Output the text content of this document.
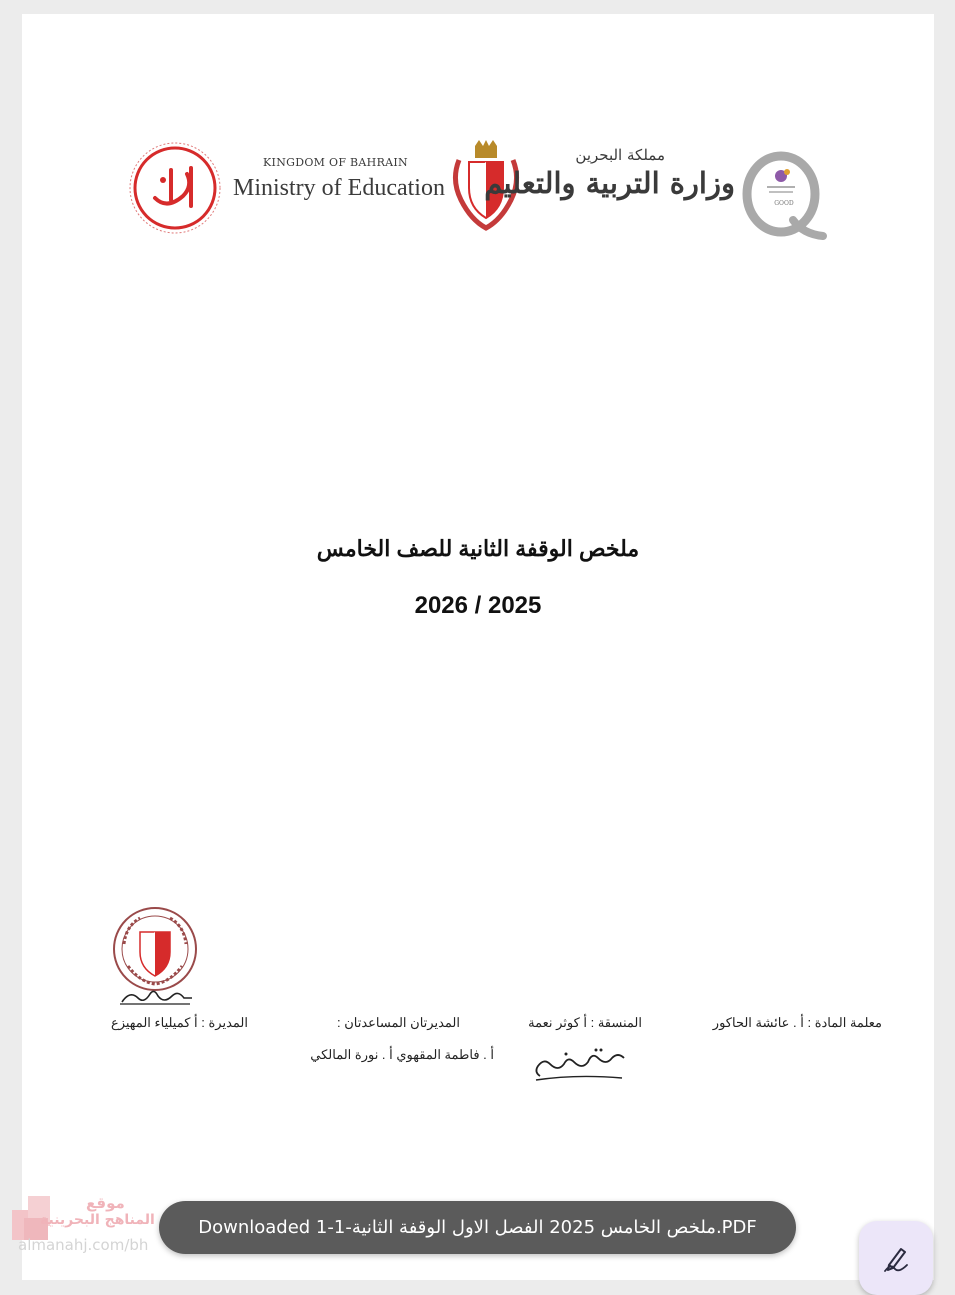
KINGDOM OF BAHRAIN
Ministry of Education
مملكة البحرين
وزارة التربية والتعليم
GOOD
ملخص الوقفة الثانية للصف الخامس
2026 / 2025
معلمة المادة : أ . عائشة الحاكور
المنسقة : أ كوثر نعمة
المديرتان المساعدتان :
أ . فاطمة المقهوي أ . نورة المالكي
المديرة : أ كميلياء المهيزع
موقع
المناهج البحرينية
almanahj.com/bh
Downloaded 1-1-ملخص الخامس 2025 الفصل الاول الوقفة الثانية.PDF
